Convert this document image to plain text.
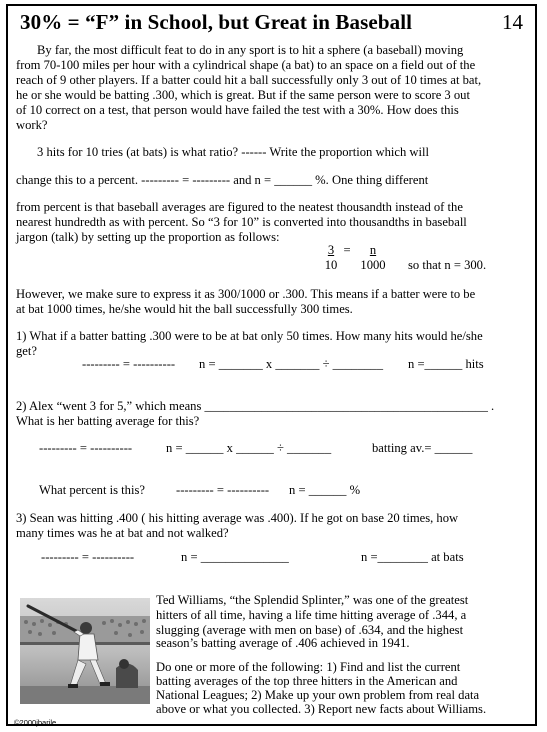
30% = “F” in School, but Great in Baseball	14
By far, the most difficult feat to do in any sport is to hit a sphere (a baseball) moving
from 70-100 miles per hour with a cylindrical shape (a bat) to an space on a field out of the
reach of 9 other players. If a batter could hit a ball successfully only 3 out of 10 times at bat,
he or she would be batting .300, which is great. But if the same person were to score 3 out
of 10 correct on a test, that person would have failed the test with a 30%. How does this
work?
3 hits for 10 tries (at bats) is what ratio? ------ Write the proportion which will
change this to a percent. --------- = --------- and n = ______ %. One thing different
from percent is that baseball averages are figured to the neatest thousandth instead of the
nearest hundredth as with percent. So “3 for 10” is converted into thousandths in baseball
jargon (talk) by setting up the proportion as follows:
3 =	n
10	1000	so that n = 300.
However, we make sure to express it as 300/1000 or .300. This means if a batter were to be
at bat 1000 times, he/she would hit the ball successfully 300 times.
1) What if a batter batting .300 were to be at bat only 50 times. How many hits would he/she
get?
--------- = ---------- n = _______ x _______ ÷ ________ n =______ hits
2) Alex “went 3 for 5,” which means _____________________________________________ .
What is her batting average for this?
--------- = ----------	n = ______ x ______ ÷ _______	batting av.= ______
What percent is this? --------- = ---------- n = ______ %
3) Sean was hitting .400 ( his hitting average was .400). If he got on base 20 times, how
many times was he at bat and not walked?
--------- = ----------	n = ______________	n =________ at bats
Ted Williams, “the Splendid Splinter,” was one of the greatest
hitters of all time, having a life time hitting average of .344, a
slugging (average with men on base) of .634, and the highest
season’s batting average of .406 achieved in 1941.
Do one or more of the following: 1) Find and list the current
batting averages of the top three hitters in the American and
National Leagues; 2) Make up your own problem from real data
above or what you collected. 3) Report new facts about Williams.
©2000jbarile
